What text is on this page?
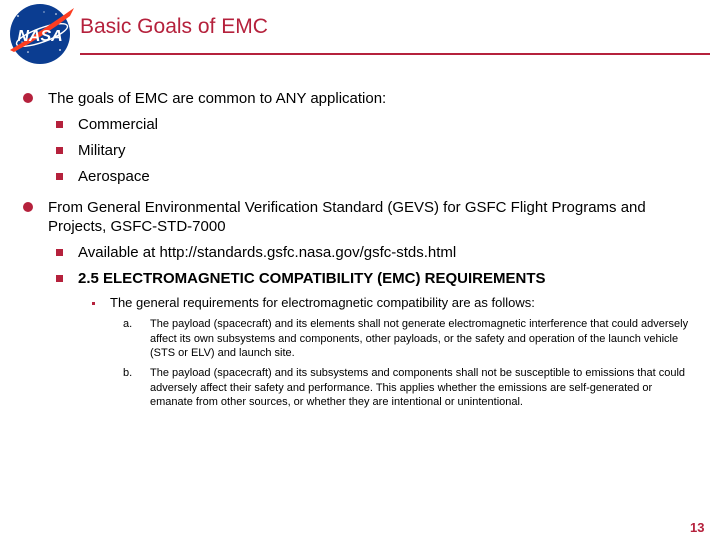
NASA Basic Goals of EMC
The goals of EMC are common to ANY application:
Commercial
Military
Aerospace
From General Environmental Verification Standard (GEVS) for GSFC Flight Programs and Projects, GSFC-STD-7000
Available at http://standards.gsfc.nasa.gov/gsfc-stds.html
2.5 ELECTROMAGNETIC COMPATIBILITY (EMC) REQUIREMENTS
The general requirements for electromagnetic compatibility are as follows:
a. The payload (spacecraft) and its elements shall not generate electromagnetic interference that could adversely affect its own subsystems and components, other payloads, or the safety and operation of the launch vehicle (STS or ELV) and launch site.
b. The payload (spacecraft) and its subsystems and components shall not be susceptible to emissions that could adversely affect their safety and performance. This applies whether the emissions are self-generated or emanate from other sources, or whether they are intentional or unintentional.
13
